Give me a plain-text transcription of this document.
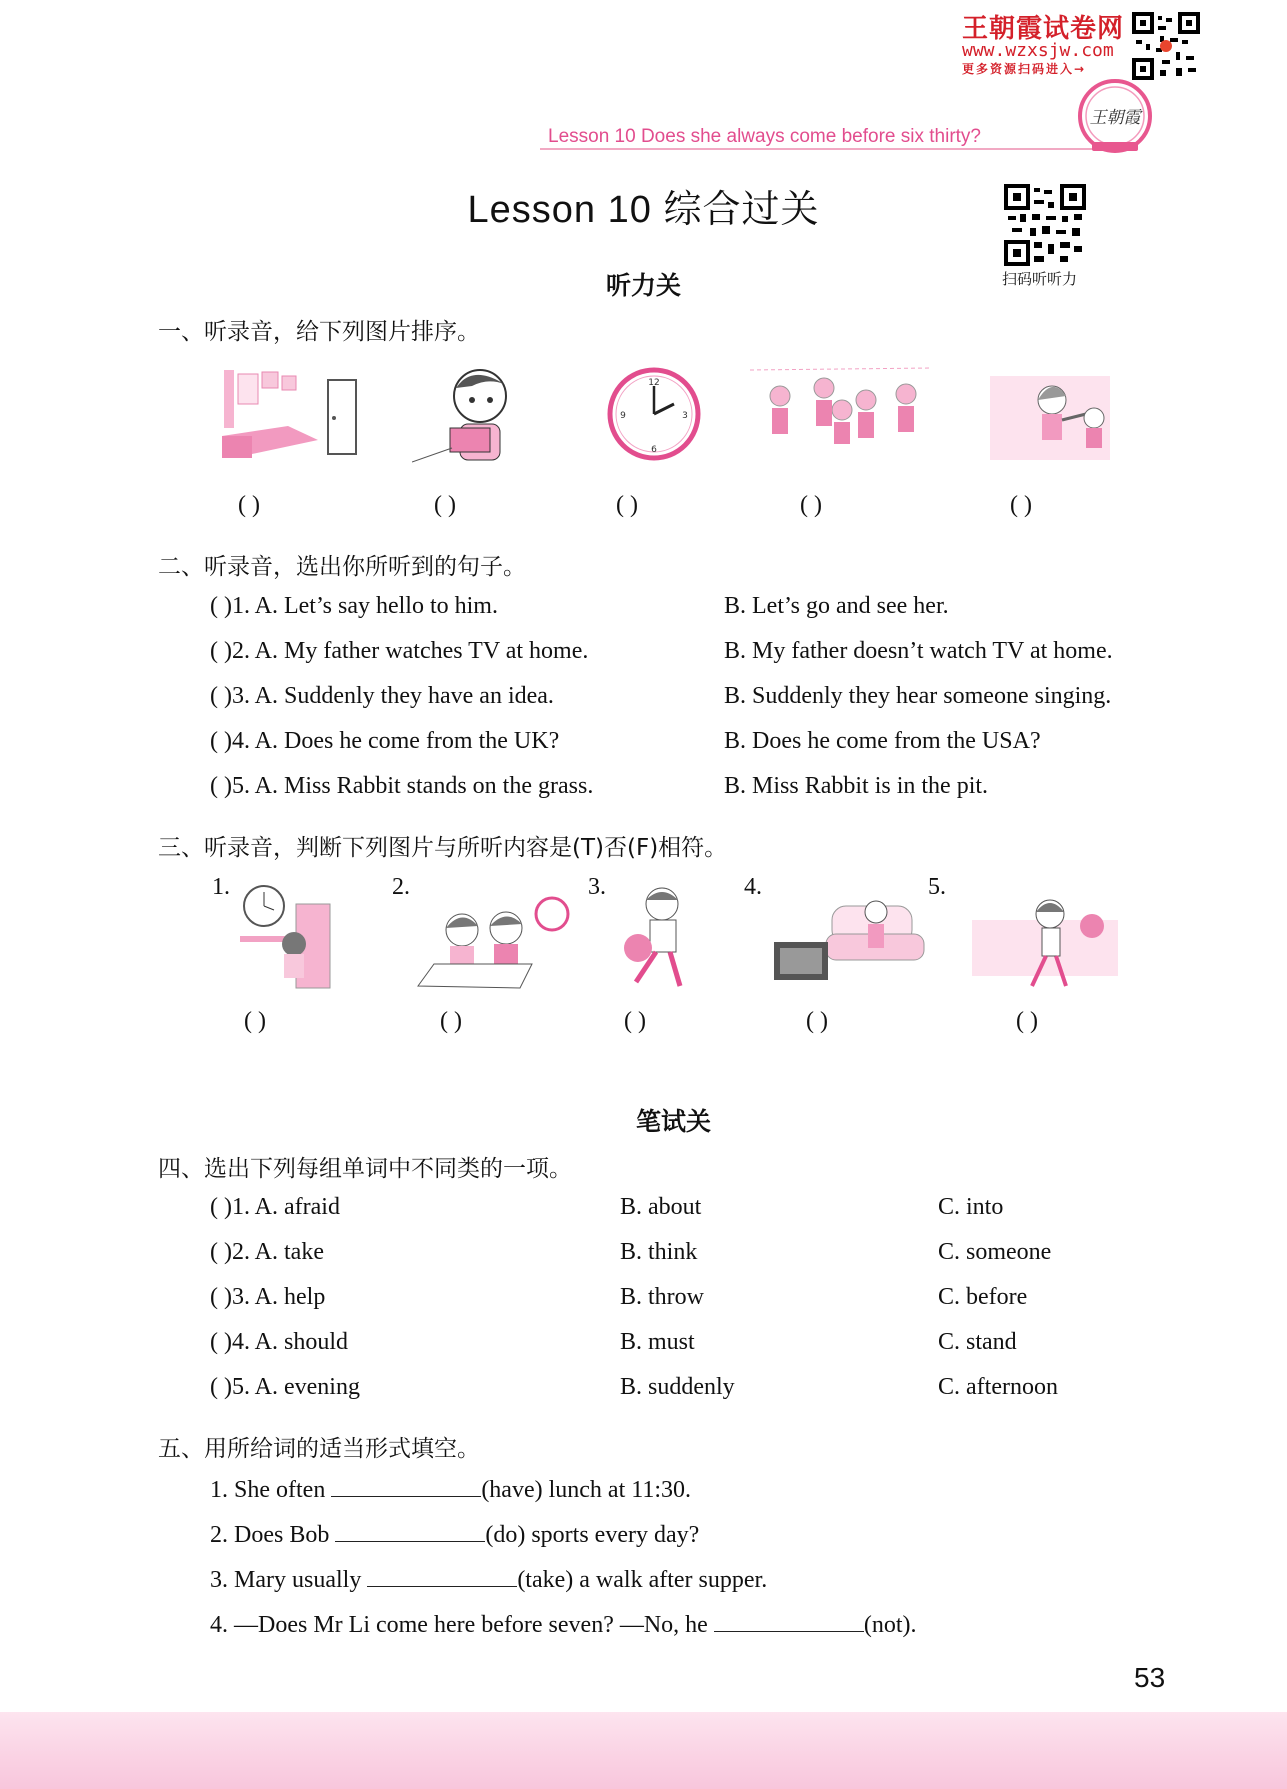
王朝霞试卷网
www.wzxsjw.com
更多资源扫码进入→
Lesson 10 Does she always come before six thirty?
王朝霞
Lesson 10 综合过关
扫码听听力
听力关
一、听录音，给下列图片排序。
12
3
6
9
( )	( )	( )	( )	( )
二、听录音，选出你所听到的句子。
( )1. A. Let’s say hello to him.	B. Let’s go and see her.
( )2. A. My father watches TV at home.	B. My father doesn’t watch TV at home.
( )3. A. Suddenly they have an idea.	B. Suddenly they hear someone singing.
( )4. A. Does he come from the UK?	B. Does he come from the USA?
( )5. A. Miss Rabbit stands on the grass.	B. Miss Rabbit is in the pit.
三、听录音，判断下列图片与所听内容是(T)否(F)相符。
1.	2.	3.	4.	5.
( )	( )	( )	( )	( )
笔试关
四、选出下列每组单词中不同类的一项。
( )1. A. afraid	B. about	C. into
( )2. A. take	B. think	C. someone
( )3. A. help	B. throw	C. before
( )4. A. should	B. must	C. stand
( )5. A. evening	B. suddenly	C. afternoon
五、用所给词的适当形式填空。
1. She often	(have) lunch at 11:30.
2. Does Bob	(do) sports every day?
3. Mary usually	(take) a walk after supper.
4. —Does Mr Li come here before seven? —No, he	(not).
53
